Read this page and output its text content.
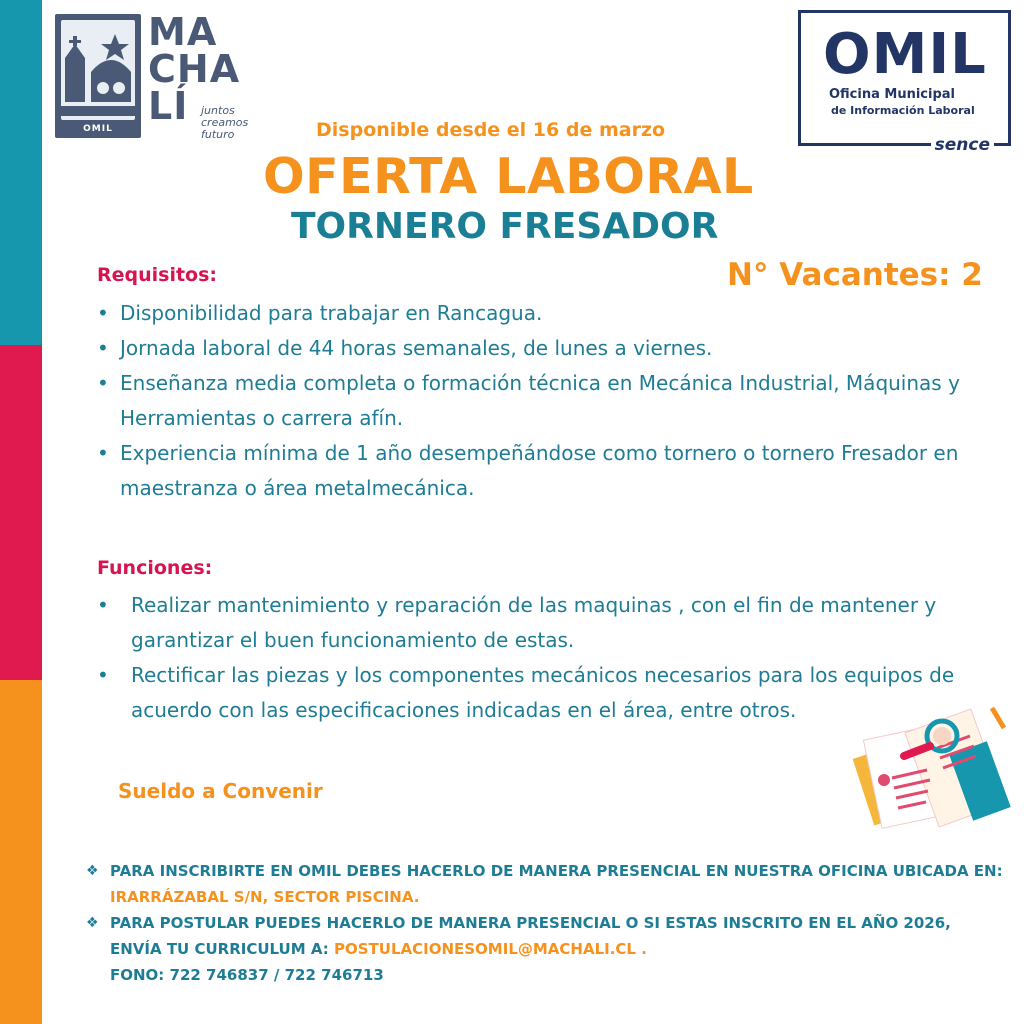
OMIL
MA
CHA
LÍ	juntos
creamos
futuro
OMIL
Oficina Municipal
de Información Laboral
sence
Disponible desde el 16 de marzo
OFERTA LABORAL
TORNERO FRESADOR
N° Vacantes: 2
Requisitos:
• Disponibilidad para trabajar en Rancagua.
• Jornada laboral de 44 horas semanales, de lunes a viernes.
• Enseñanza media completa o formación técnica en Mecánica Industrial, Máquinas y Herramientas o carrera afín.
• Experiencia mínima de 1 año desempeñándose como tornero o tornero Fresador en maestranza o área metalmecánica.
Funciones:
• Realizar mantenimiento y reparación de las maquinas , con el fin de mantener y garantizar el buen funcionamiento de estas.
• Rectificar las piezas y los componentes mecánicos necesarios para los equipos de acuerdo con las especificaciones indicadas en el área, entre otros.
Sueldo a Convenir
❖ PARA INSCRIBIRTE EN OMIL DEBES HACERLO DE MANERA PRESENCIAL EN NUESTRA OFICINA UBICADA EN: IRARRÁZABAL S/N, SECTOR PISCINA.
❖ PARA POSTULAR PUEDES HACERLO DE MANERA PRESENCIAL O SI ESTAS INSCRITO EN EL AÑO 2026, ENVÍA TU CURRICULUM A: POSTULACIONESOMIL@MACHALI.CL .
FONO: 722 746837 / 722 746713
